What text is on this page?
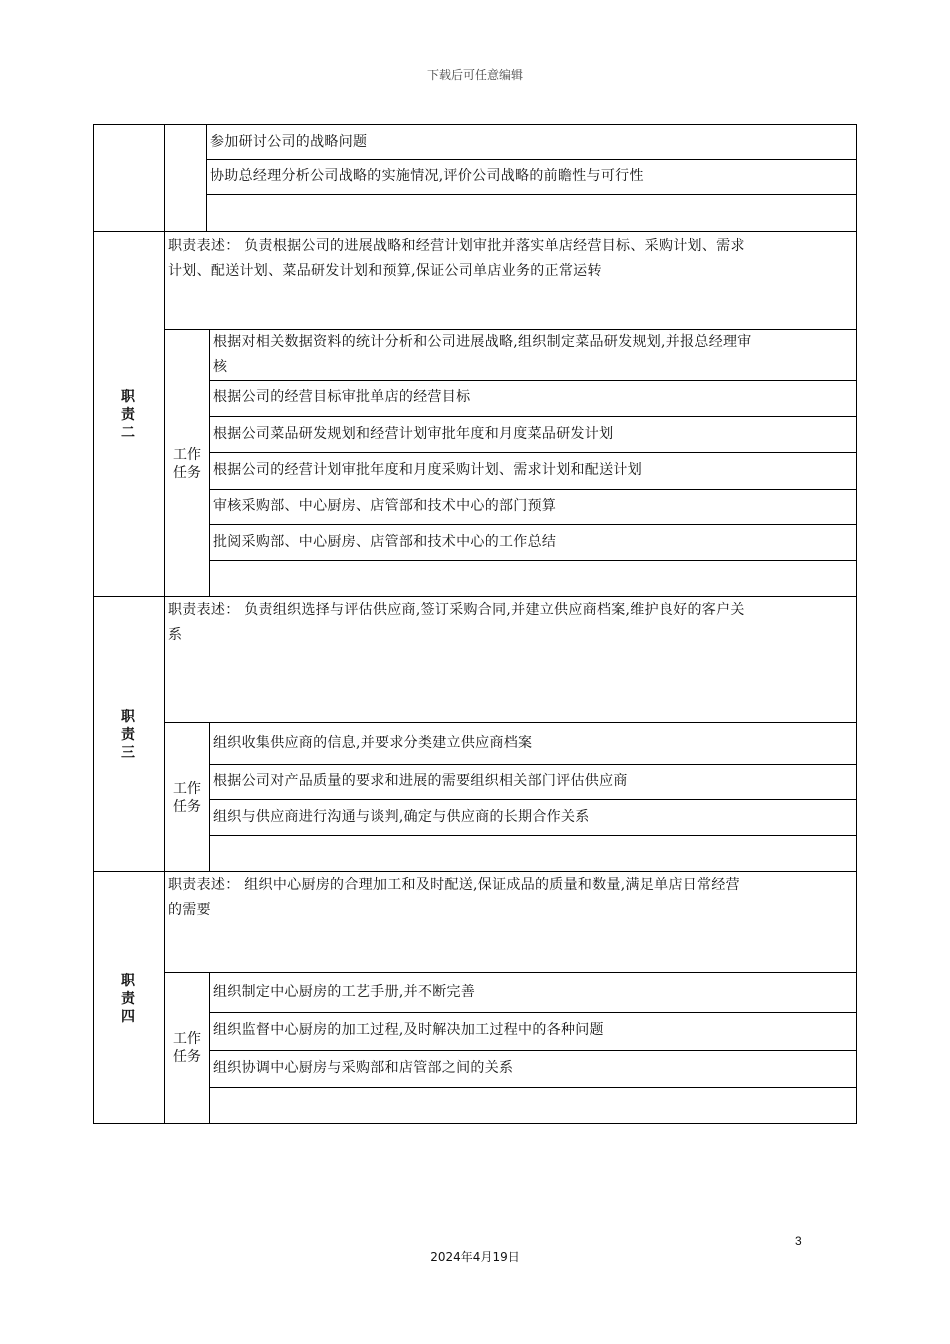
下载后可任意编辑
参加研讨公司的战略问题
协助总经理分析公司战略的实施情况,评价公司战略的前瞻性与可行性
职责二
职责表述： 负责根据公司的进展战略和经营计划审批并落实单店经营目标、采购计划、需求
计划、配送计划、菜品研发计划和预算,保证公司单店业务的正常运转
工作任务
根据对相关数据资料的统计分析和公司进展战略,组织制定菜品研发规划,并报总经理审
核
根据公司的经营目标审批单店的经营目标
根据公司菜品研发规划和经营计划审批年度和月度菜品研发计划
根据公司的经营计划审批年度和月度采购计划、需求计划和配送计划
审核采购部、中心厨房、店管部和技术中心的部门预算
批阅采购部、中心厨房、店管部和技术中心的工作总结
职责三
职责表述： 负责组织选择与评估供应商,签订采购合同,并建立供应商档案,维护良好的客户关
系
工作任务
组织收集供应商的信息,并要求分类建立供应商档案
根据公司对产品质量的要求和进展的需要组织相关部门评估供应商
组织与供应商进行沟通与谈判,确定与供应商的长期合作关系
职责四
职责表述： 组织中心厨房的合理加工和及时配送,保证成品的质量和数量,满足单店日常经营
的需要
工作任务
组织制定中心厨房的工艺手册,并不断完善
组织监督中心厨房的加工过程,及时解决加工过程中的各种问题
组织协调中心厨房与采购部和店管部之间的关系
3
2024年4月19日
